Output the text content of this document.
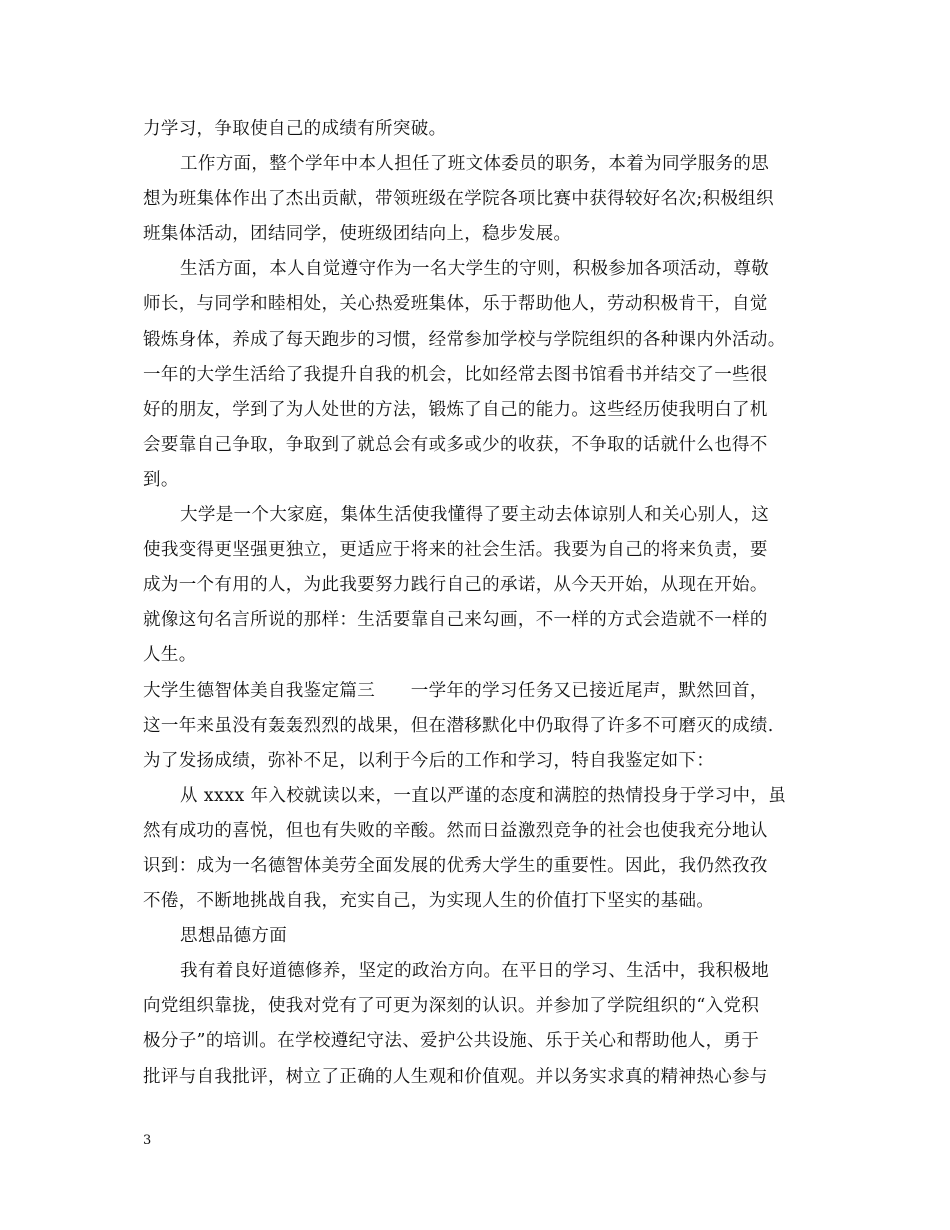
力学习，争取使自己的成绩有所突破。
工作方面，整个学年中本人担任了班文体委员的职务，本着为同学服务的思
想为班集体作出了杰出贡献，带领班级在学院各项比赛中获得较好名次;积极组织
班集体活动，团结同学，使班级团结向上，稳步发展。
生活方面，本人自觉遵守作为一名大学生的守则，积极参加各项活动，尊敬
师长，与同学和睦相处，关心热爱班集体，乐于帮助他人，劳动积极肯干，自觉
锻炼身体，养成了每天跑步的习惯，经常参加学校与学院组织的各种课内外活动。
一年的大学生活给了我提升自我的机会，比如经常去图书馆看书并结交了一些很
好的朋友，学到了为人处世的方法，锻炼了自己的能力。这些经历使我明白了机
会要靠自己争取，争取到了就总会有或多或少的收获，不争取的话就什么也得不
到。
大学是一个大家庭，集体生活使我懂得了要主动去体谅别人和关心别人，这
使我变得更坚强更独立，更适应于将来的社会生活。我要为自己的将来负责，要
成为一个有用的人，为此我要努力践行自己的承诺，从今天开始，从现在开始。
就像这句名言所说的那样：生活要靠自己来勾画，不一样的方式会造就不一样的
人生。
大学生德智体美自我鉴定篇三　　一学年的学习任务又已接近尾声，默然回首，
这一年来虽没有轰轰烈烈的战果，但在潜移默化中仍取得了许多不可磨灭的成绩.
为了发扬成绩，弥补不足，以利于今后的工作和学习，特自我鉴定如下：
从 xxxx 年入校就读以来，一直以严谨的态度和满腔的热情投身于学习中，虽
然有成功的喜悦，但也有失败的辛酸。然而日益激烈竞争的社会也使我充分地认
识到：成为一名德智体美劳全面发展的优秀大学生的重要性。因此，我仍然孜孜
不倦，不断地挑战自我，充实自己，为实现人生的价值打下坚实的基础。
思想品德方面
我有着良好道德修养，坚定的政治方向。在平日的学习、生活中，我积极地
向党组织靠拢，使我对党有了可更为深刻的认识。并参加了学院组织的“入党积
极分子”的培训。在学校遵纪守法、爱护公共设施、乐于关心和帮助他人，勇于
批评与自我批评，树立了正确的人生观和价值观。并以务实求真的精神热心参与
3
